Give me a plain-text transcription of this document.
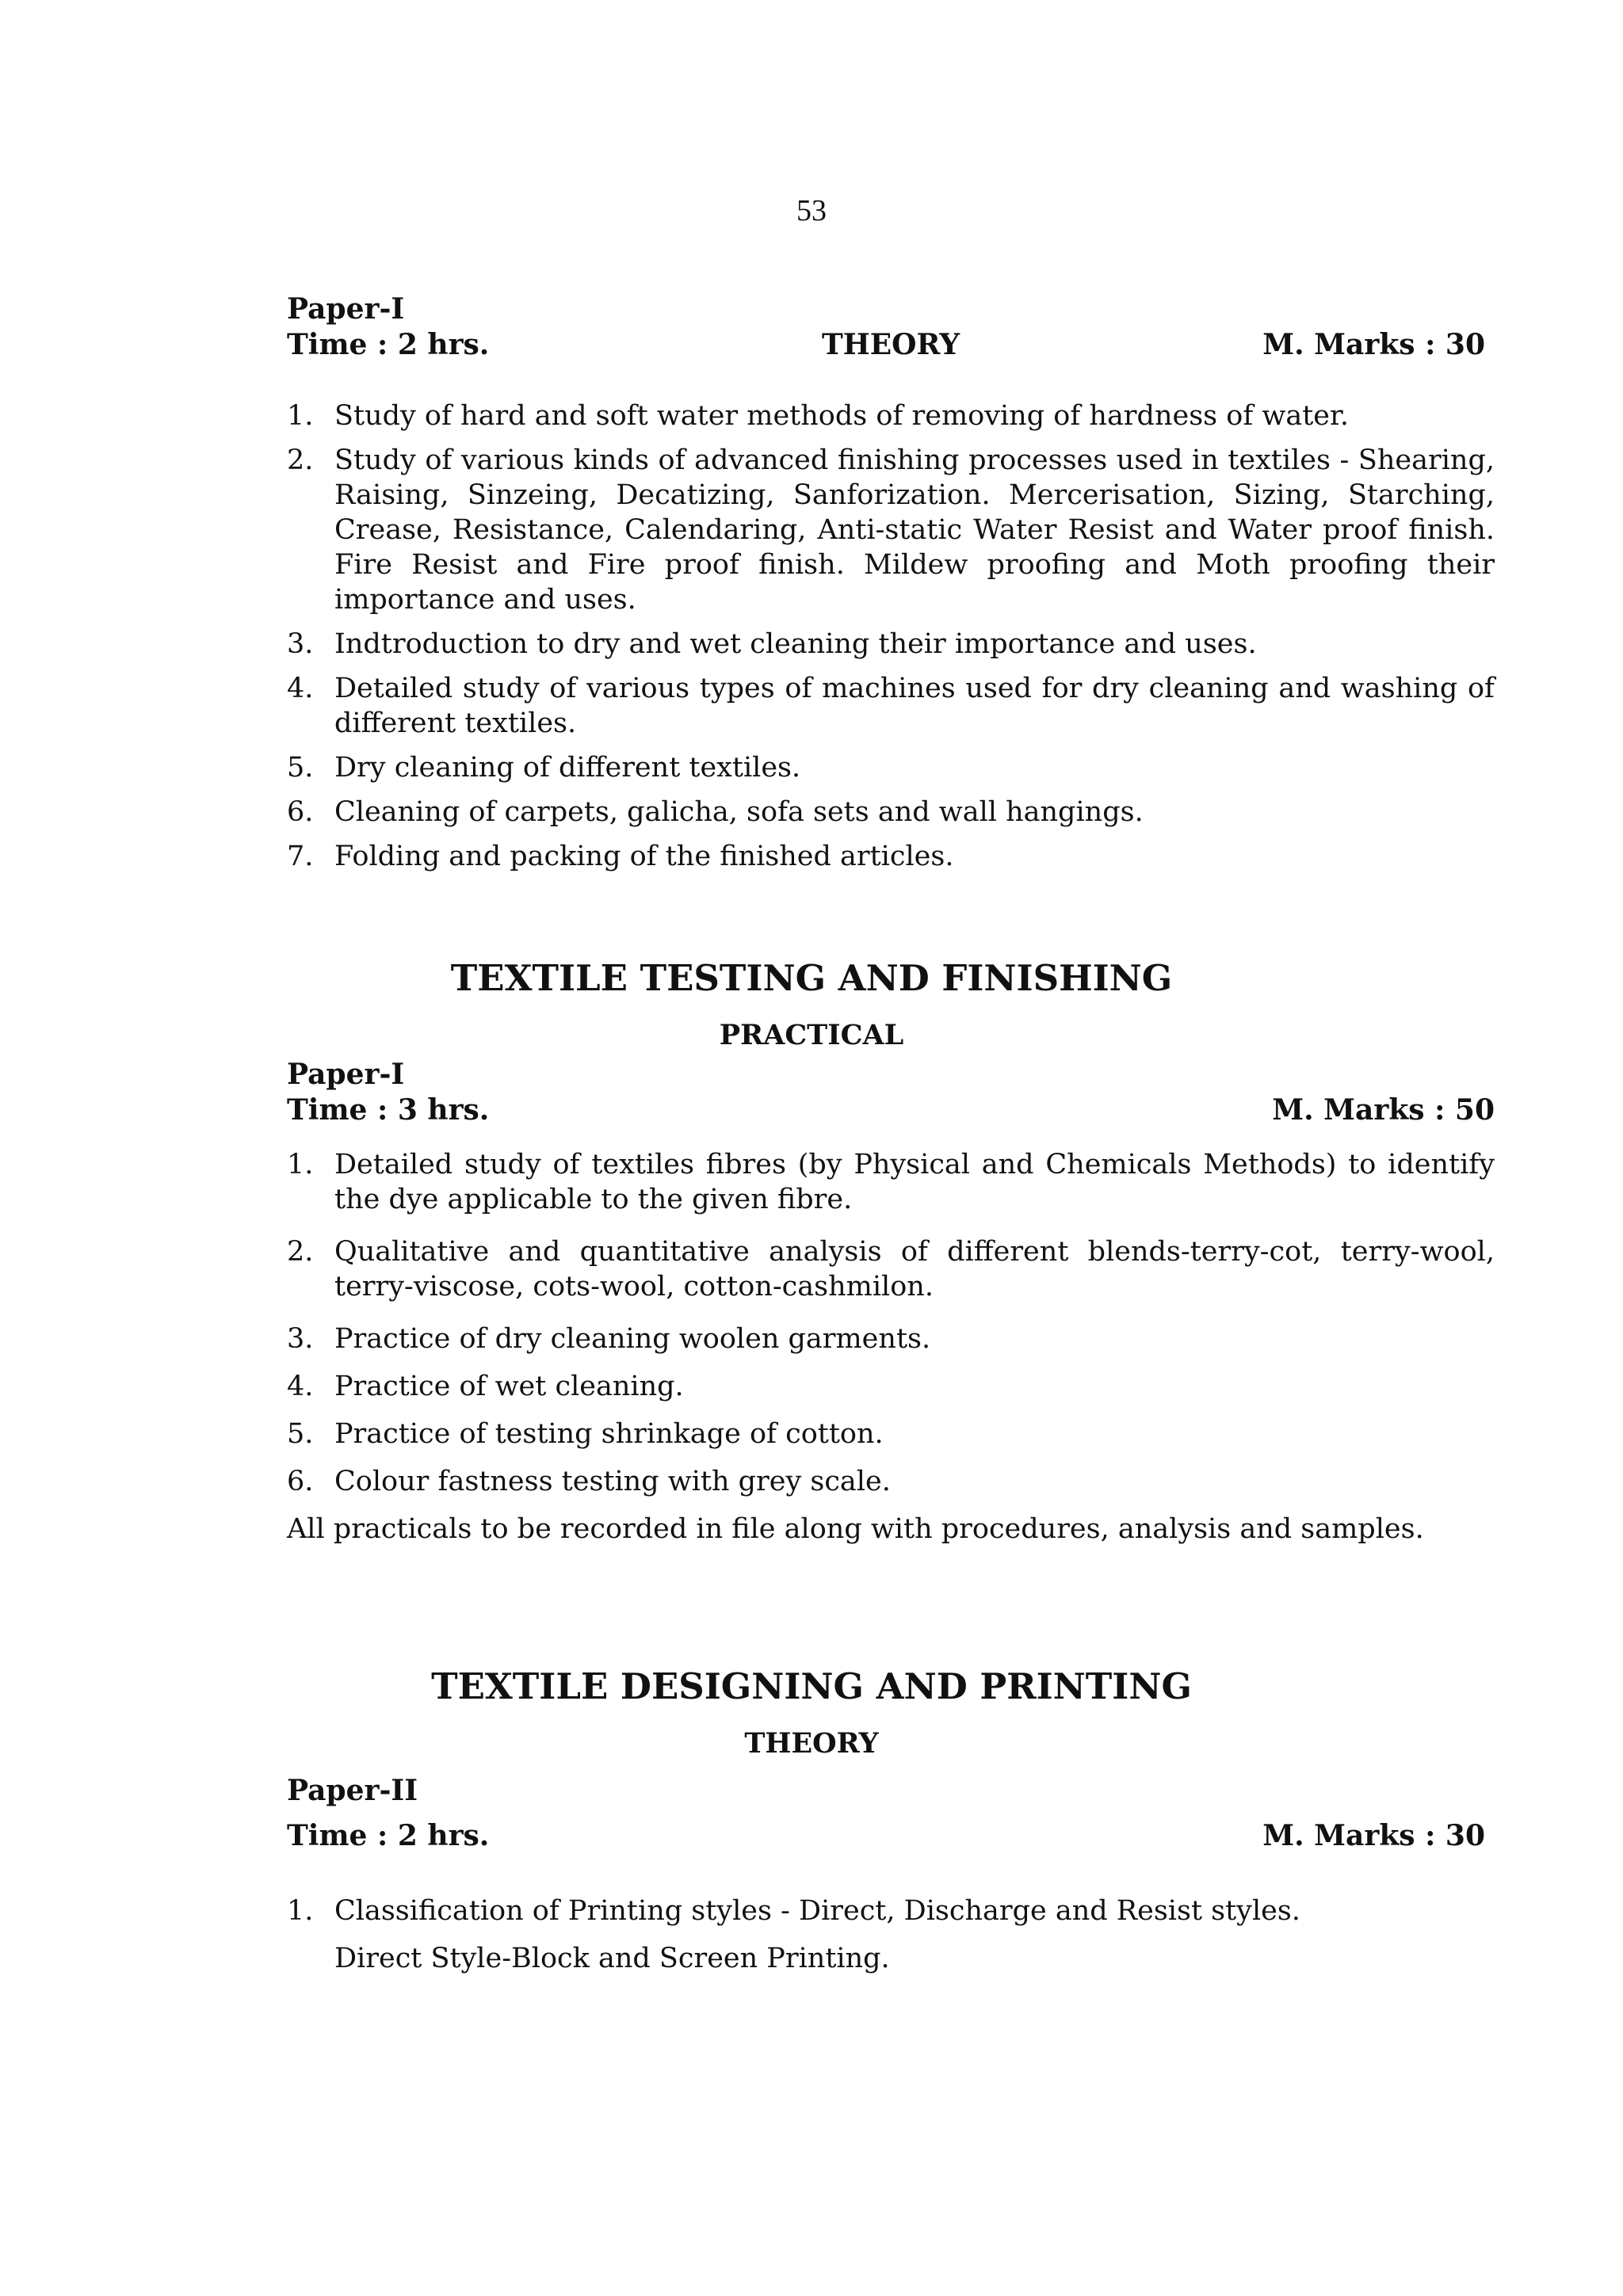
53
Paper-I
Time : 2 hrs.	THEORY	M. Marks : 30
1. Study of hard and soft water methods of removing of hardness of water.
2. Study of various kinds of advanced finishing processes used in textiles - Shearing, Raising, Sinzeing, Decatizing, Sanforization. Mercerisation, Sizing, Starching, Crease, Resistance, Calendaring, Anti-static Water Resist and Water proof finish. Fire Resist and Fire proof finish. Mildew proofing and Moth proofing their importance and uses.
3. Indtroduction to dry and wet cleaning their importance and uses.
4. Detailed study of various types of machines used for dry cleaning and washing of different textiles.
5. Dry cleaning of different textiles.
6. Cleaning of carpets, galicha, sofa sets and wall hangings.
7. Folding and packing of the finished articles.
TEXTILE TESTING AND FINISHING
PRACTICAL
Paper-I
Time : 3 hrs.	M. Marks : 50
1. Detailed study of textiles fibres (by Physical and Chemicals Methods) to identify the dye applicable to the given fibre.
2. Qualitative and quantitative analysis of different blends-terry-cot, terry-wool, terry-viscose, cots-wool, cotton-cashmilon.
3. Practice of dry cleaning woolen garments.
4. Practice of wet cleaning.
5. Practice of testing shrinkage of cotton.
6. Colour fastness testing with grey scale.
All practicals to be recorded in file along with procedures, analysis and samples.
TEXTILE DESIGNING AND PRINTING
THEORY
Paper-II
Time : 2 hrs.	M. Marks : 30
1. Classification of Printing styles - Direct, Discharge and Resist styles.
Direct Style-Block and Screen Printing.
